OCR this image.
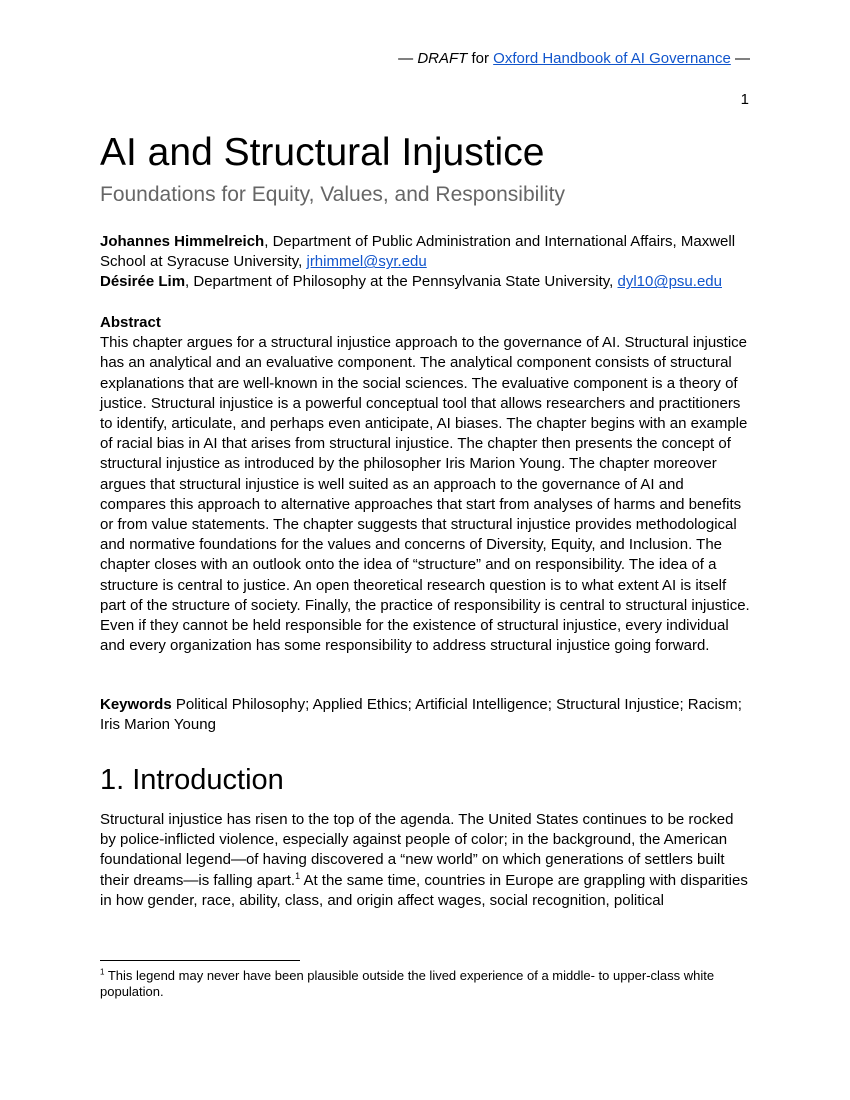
— DRAFT for Oxford Handbook of AI Governance —
1
AI and Structural Injustice
Foundations for Equity, Values, and Responsibility

Johannes Himmelreich, Department of Public Administration and International Affairs, Maxwell School at Syracuse University, jrhimmel@syr.edu

Désirée Lim, Department of Philosophy at the Pennsylvania State University, dyl10@psu.edu

Abstract

This chapter argues for a structural injustice approach to the governance of AI. Structural injustice has an analytical and an evaluative component. The analytical component consists of structural explanations that are well-known in the social sciences. The evaluative component is a theory of justice. Structural injustice is a powerful conceptual tool that allows researchers and practitioners to identify, articulate, and perhaps even anticipate, AI biases. The chapter begins with an example of racial bias in AI that arises from structural injustice. The chapter then presents the concept of structural injustice as introduced by the philosopher Iris Marion Young. The chapter moreover argues that structural injustice is well suited as an approach to the governance of AI and compares this approach to alternative approaches that start from analyses of harms and benefits or from value statements. The chapter suggests that structural injustice provides methodological and normative foundations for the values and concerns of Diversity, Equity, and Inclusion. The chapter closes with an outlook onto the idea of “structure” and on responsibility. The idea of a structure is central to justice. An open theoretical research question is to what extent AI is itself part of the structure of society. Finally, the practice of responsibility is central to structural injustice. Even if they cannot be held responsible for the existence of structural injustice, every individual and every organization has some responsibility to address structural injustice going forward.

Keywords Political Philosophy; Applied Ethics; Artificial Intelligence; Structural Injustice; Racism; Iris Marion Young

1. Introduction

Structural injustice has risen to the top of the agenda. The United States continues to be rocked by police-inflicted violence, especially against people of color; in the background, the American foundational legend—of having discovered a “new world” on which generations of settlers built their dreams—is falling apart.$^1$ At the same time, countries in Europe are grappling with disparities in how gender, race, ability, class, and origin affect wages, social recognition, political

$^1$ This legend may never have been plausible outside the lived experience of a middle- to upper-class white population.
